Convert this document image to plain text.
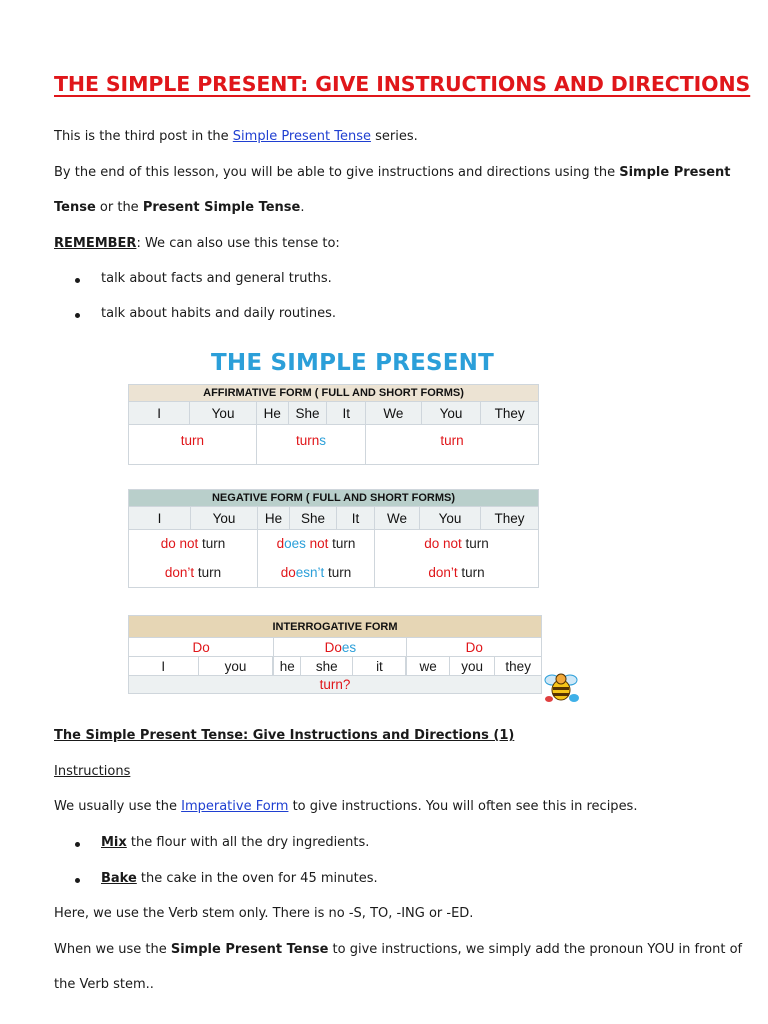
THE SIMPLE PRESENT: GIVE INSTRUCTIONS AND DIRECTIONS
This is the third post in the Simple Present Tense series.
By the end of this lesson, you will be able to give instructions and directions using the Simple Present
Tense or the Present Simple Tense.
REMEMBER: We can also use this tense to:
talk about facts and general truths.
talk about habits and daily routines.
THE SIMPLE PRESENT
AFFIRMATIVE FORM ( FULL AND SHORT FORMS)							
I	You	He	She	It	We	You	They
turn		turns			turn		
NEGATIVE FORM ( FULL AND SHORT FORMS)							
I	You	He	She	It	We	You	They
do not turn		does not turn			do not turn		
don’t turn		doesn’t turn			don’t turn		
INTERROGATIVE FORM							
Do		Does			Do		
I	you		he	she	it		we	you	they
turn?							
The Simple Present Tense: Give Instructions and Directions (1)
Instructions
We usually use the Imperative Form to give instructions. You will often see this in recipes.
Mix the flour with all the dry ingredients.
Bake the cake in the oven for 45 minutes.
Here, we use the Verb stem only. There is no -S, TO, -ING or -ED.
When we use the Simple Present Tense to give instructions, we simply add the pronoun YOU in front of
the Verb stem..
